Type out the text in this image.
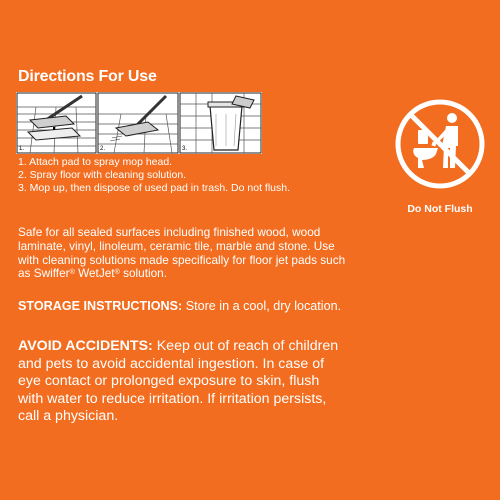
Directions For Use
1.	2.	3.
1. Attach pad to spray mop head.
2. Spray floor with cleaning solution.
3. Mop up, then dispose of used pad in trash. Do not flush.
Safe for all sealed surfaces including finished wood, wood laminate, vinyl, linoleum, ceramic tile, marble and stone. Use with cleaning solutions made specifically for floor jet pads such as Swiffer® WetJet® solution.
STORAGE INSTRUCTIONS: Store in a cool, dry location.
AVOID ACCIDENTS: Keep out of reach of children and pets to avoid accidental ingestion. In case of eye contact or prolonged exposure to skin, flush with water to reduce irritation. If irritation persists, call a physician.
Do Not Flush
